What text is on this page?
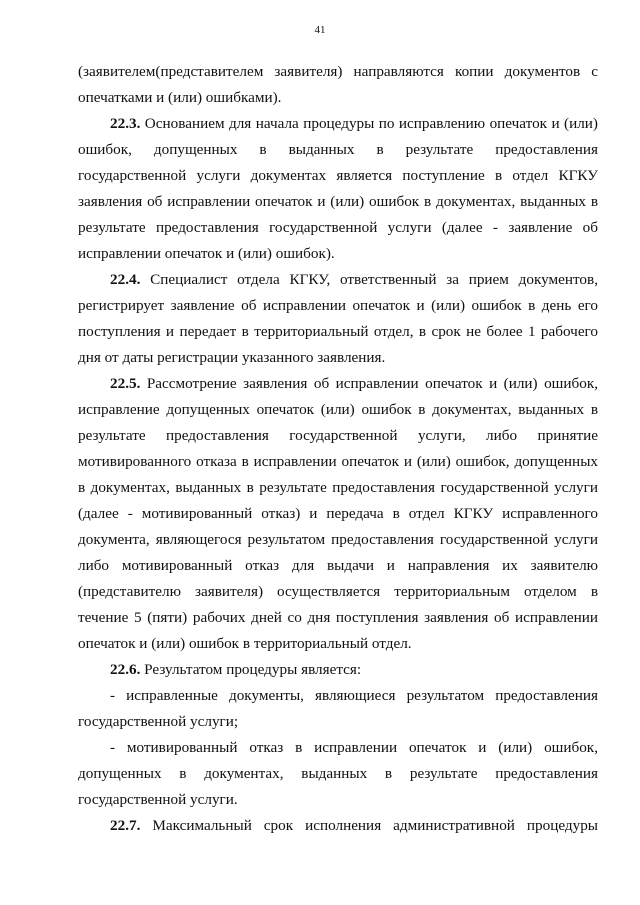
41

(заявителем(представителем заявителя) направляются копии документов с опечатками и (или) ошибками).

22.3. Основанием для начала процедуры по исправлению опечаток и (или) ошибок, допущенных в выданных в результате предоставления государственной услуги документах является поступление в отдел КГКУ заявления об исправлении опечаток и (или) ошибок в документах, выданных в результате предоставления государственной услуги (далее - заявление об исправлении опечаток и (или) ошибок).

22.4. Специалист отдела КГКУ, ответственный за прием документов, регистрирует заявление об исправлении опечаток и (или) ошибок в день его поступления и передает в территориальный отдел, в срок не более 1 рабочего дня от даты регистрации указанного заявления.

22.5. Рассмотрение заявления об исправлении опечаток и (или) ошибок, исправление допущенных опечаток (или) ошибок в документах, выданных в результате предоставления государственной услуги, либо принятие мотивированного отказа в исправлении опечаток и (или) ошибок, допущенных в документах, выданных в результате предоставления государственной услуги (далее - мотивированный отказ) и передача в отдел КГКУ исправленного документа, являющегося результатом предоставления государственной услуги либо мотивированный отказ для выдачи и направления их заявителю (представителю заявителя) осуществляется территориальным отделом в течение 5 (пяти) рабочих дней со дня поступления заявления об исправлении опечаток и (или) ошибок в территориальный отдел.

22.6. Результатом процедуры является:

- исправленные документы, являющиеся результатом предоставления государственной услуги;

- мотивированный отказ в исправлении опечаток и (или) ошибок, допущенных в документах, выданных в результате предоставления государственной услуги.

22.7. Максимальный срок исполнения административной процедуры
